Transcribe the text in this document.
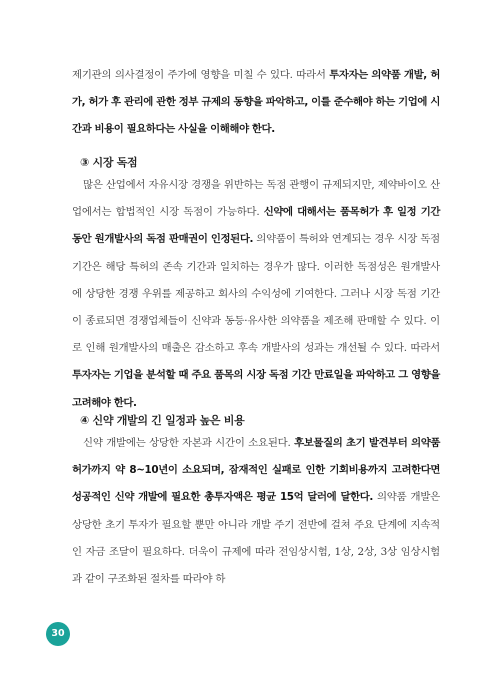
제기관의 의사결정이 주가에 영향을 미칠 수 있다. 따라서 투자자는 의약품 개발, 허가, 허가 후 관리에 관한 정부 규제의 동향을 파악하고, 이를 준수해야 하는 기업에 시간과 비용이 필요하다는 사실을 이해해야 한다.

③ 시장 독점

많은 산업에서 자유시장 경쟁을 위반하는 독점 관행이 규제되지만, 제약바이오 산업에서는 합법적인 시장 독점이 가능하다. 신약에 대해서는 품목허가 후 일정 기간 동안 원개발사의 독점 판매권이 인정된다. 의약품이 특허와 연계되는 경우 시장 독점 기간은 해당 특허의 존속 기간과 일치하는 경우가 많다. 이러한 독점성은 원개발사에 상당한 경쟁 우위를 제공하고 회사의 수익성에 기여한다. 그러나 시장 독점 기간이 종료되면 경쟁업체들이 신약과 동등·유사한 의약품을 제조해 판매할 수 있다. 이로 인해 원개발사의 매출은 감소하고 후속 개발사의 성과는 개선될 수 있다. 따라서 투자자는 기업을 분석할 때 주요 품목의 시장 독점 기간 만료일을 파악하고 그 영향을 고려해야 한다.

④ 신약 개발의 긴 일정과 높은 비용

신약 개발에는 상당한 자본과 시간이 소요된다. 후보물질의 초기 발견부터 의약품 허가까지 약 8~10년이 소요되며, 잠재적인 실패로 인한 기회비용까지 고려한다면 성공적인 신약 개발에 필요한 총투자액은 평균 15억 달러에 달한다. 의약품 개발은 상당한 초기 투자가 필요할 뿐만 아니라 개발 주기 전반에 걸쳐 주요 단계에 지속적인 자금 조달이 필요하다. 더욱이 규제에 따라 전임상시험, 1상, 2상, 3상 임상시험과 같이 구조화된 절차를 따라야 하

30
